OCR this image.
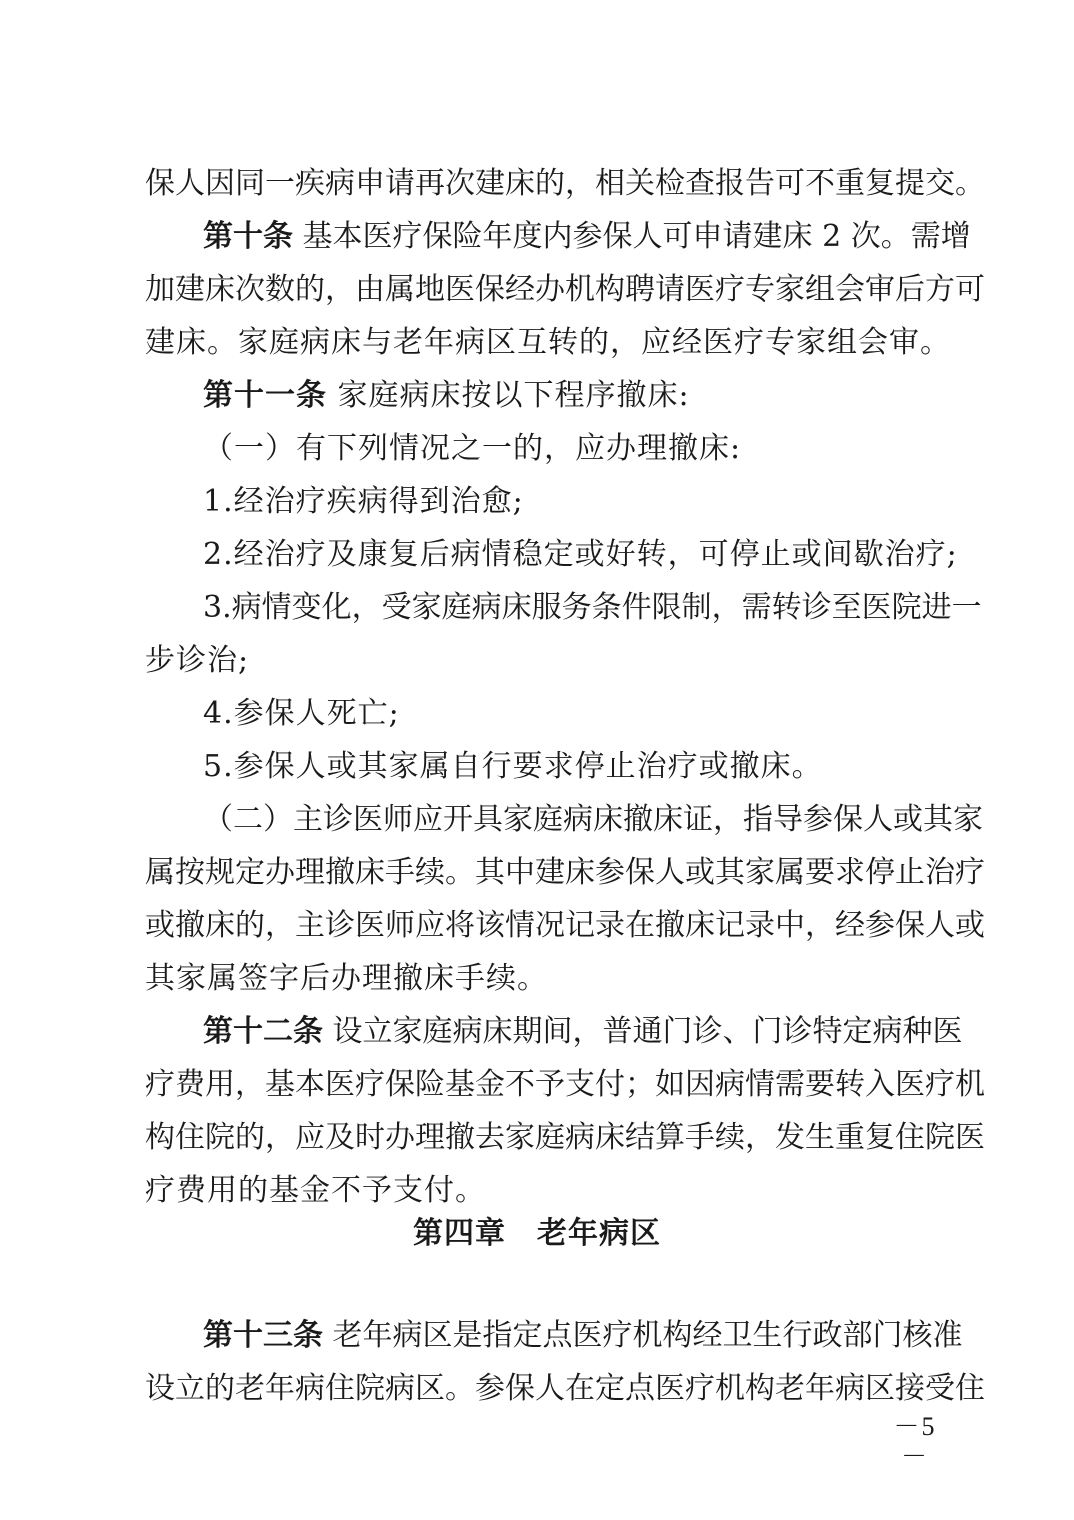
保人因同一疾病申请再次建床的，相关检查报告可不重复提交。
第十条 基本医疗保险年度内参保人可申请建床 2 次。需增
加建床次数的，由属地医保经办机构聘请医疗专家组会审后方可
建床。家庭病床与老年病区互转的，应经医疗专家组会审。
第十一条 家庭病床按以下程序撤床:
（一）有下列情况之一的，应办理撤床:
1.经治疗疾病得到治愈;
2.经治疗及康复后病情稳定或好转，可停止或间歇治疗;
3.病情变化，受家庭病床服务条件限制，需转诊至医院进一
步诊治;
4.参保人死亡;
5.参保人或其家属自行要求停止治疗或撤床。
（二）主诊医师应开具家庭病床撤床证，指导参保人或其家
属按规定办理撤床手续。其中建床参保人或其家属要求停止治疗
或撤床的，主诊医师应将该情况记录在撤床记录中，经参保人或
其家属签字后办理撤床手续。
第十二条 设立家庭病床期间，普通门诊、门诊特定病种医
疗费用，基本医疗保险基金不予支付；如因病情需要转入医疗机
构住院的，应及时办理撤去家庭病床结算手续，发生重复住院医
疗费用的基金不予支付。
第四章　老年病区
第十三条 老年病区是指定点医疗机构经卫生行政部门核准
设立的老年病住院病区。参保人在定点医疗机构老年病区接受住
－5－
